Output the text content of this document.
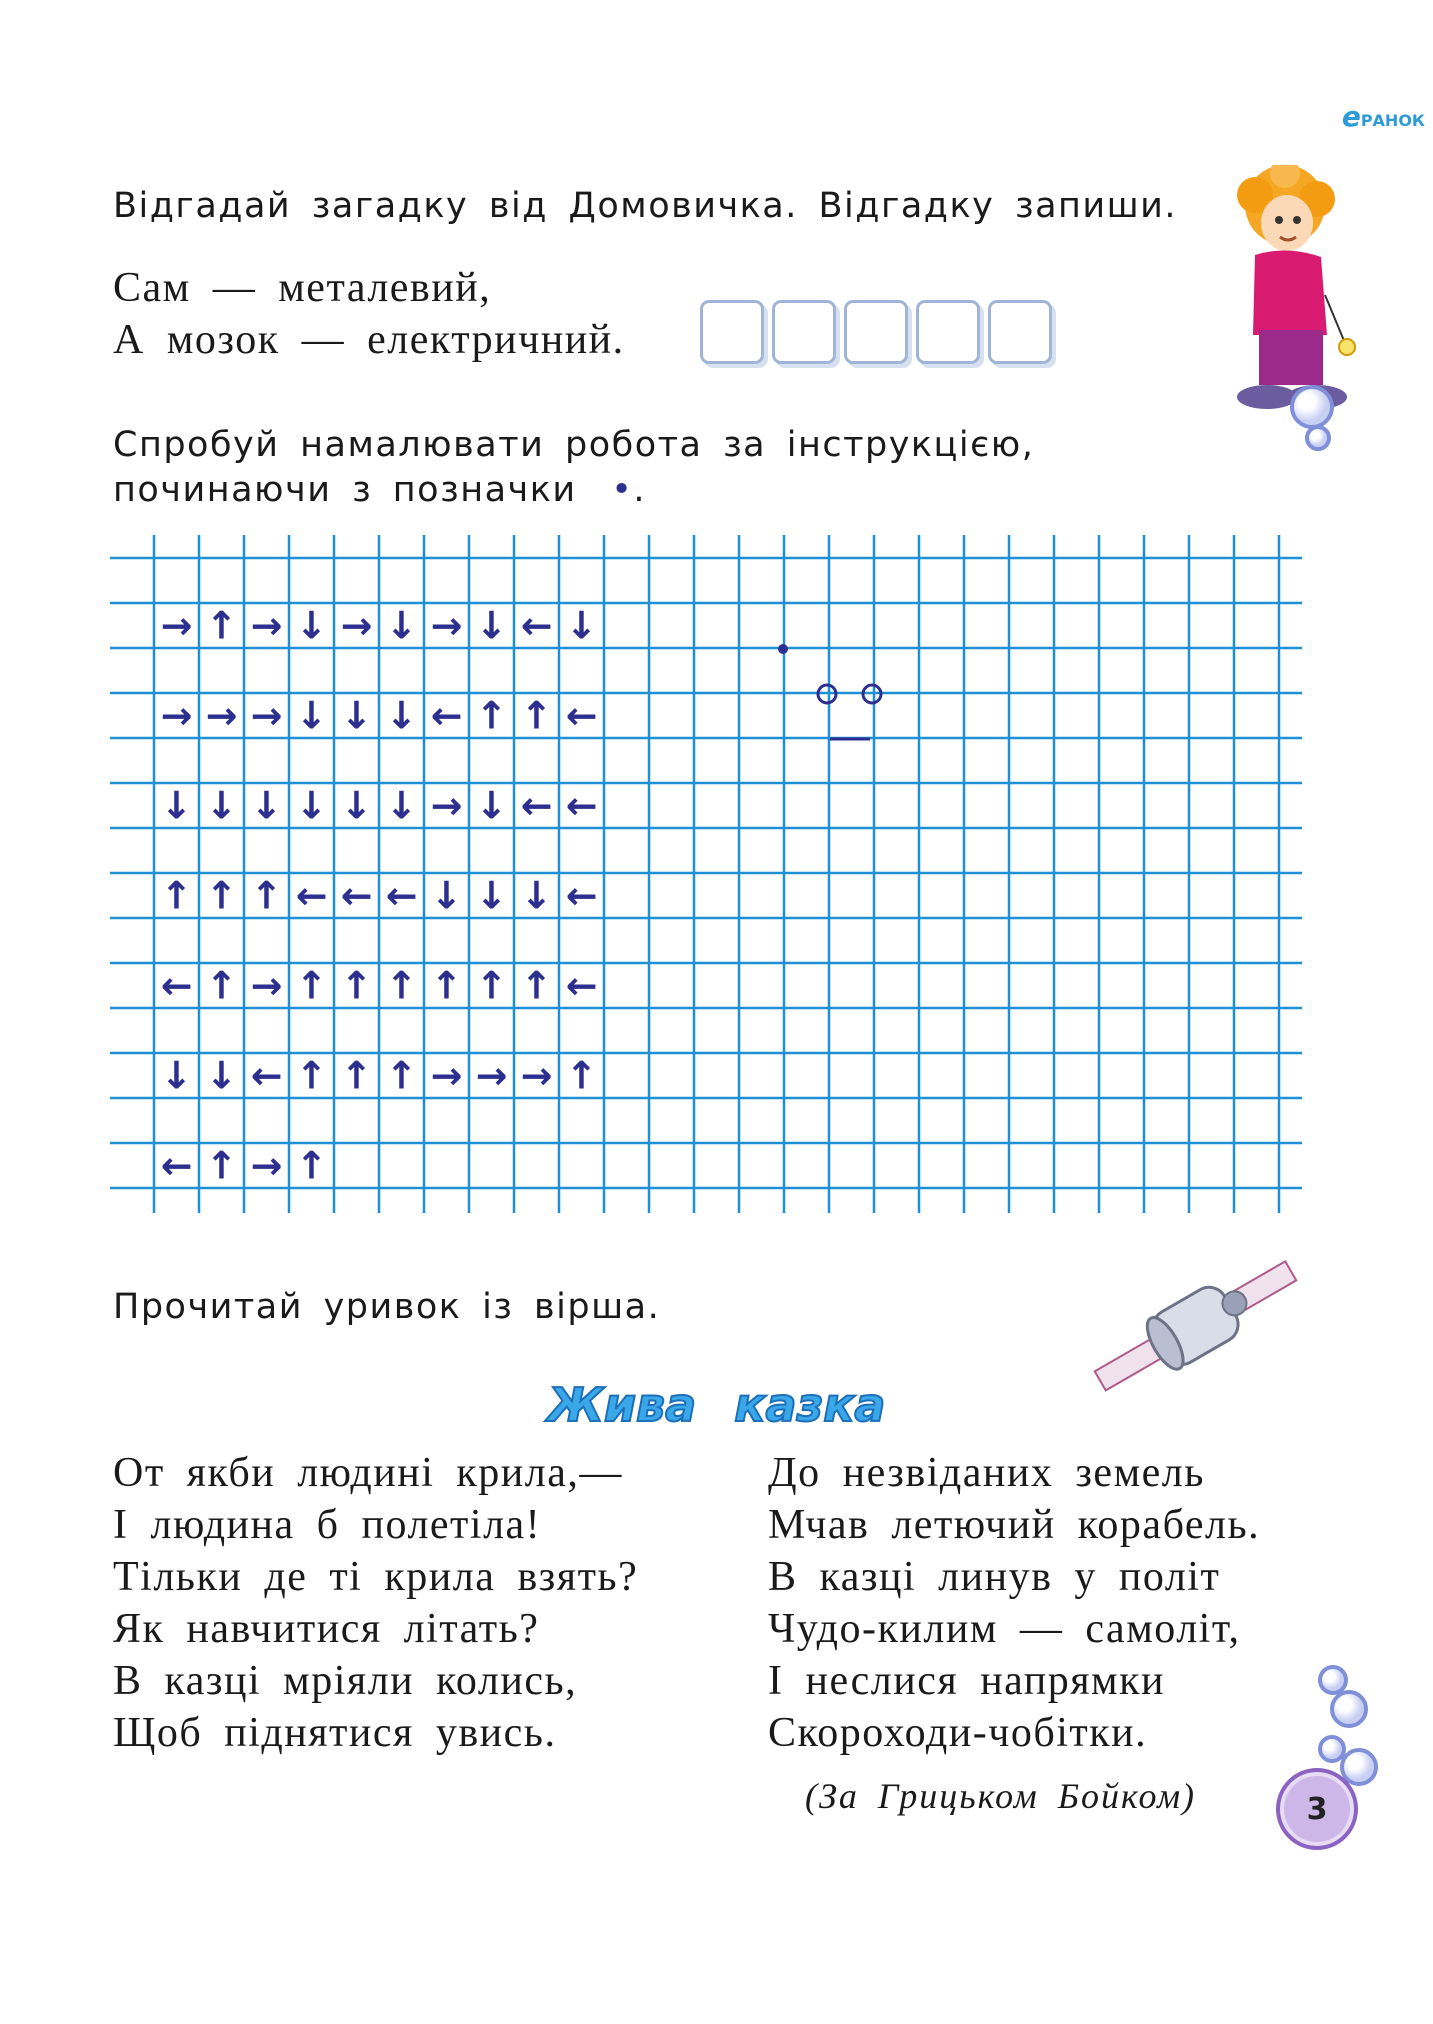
eРАНОК
Відгадай загадку від Домовичка. Відгадку запиши.
Сам — металевий,
А мозок — електричний.
Спробуй намалювати робота за інструкцією,
починаючи з позначки •.
→ ↑ → ↓ → ↓ → ↓ ← ↓
→ → → ↓ ↓ ↓ ← ↑ ↑ ←
↓ ↓ ↓ ↓ ↓ ↓ → ↓ ← ←
↑ ↑ ↑ ← ← ← ↓ ↓ ↓ ←
← ↑ → ↑ ↑ ↑ ↑ ↑ ↑ ←
↓ ↓ ← ↑ ↑ ↑ → → → ↑
← ↑ → ↑
Прочитай уривок із вірша.
Жива казка
От якби людині крила,—
І людина б полетіла!
Тільки де ті крила взять?
Як навчитися літать?
В казці мріяли колись,
Щоб піднятися увись.
До незвіданих земель
Мчав летючий корабель.
В казці линув у політ
Чудо-килим — самоліт,
І неслися напрямки
Скороходи-чобітки.
(За Грицьком Бойком)	3
